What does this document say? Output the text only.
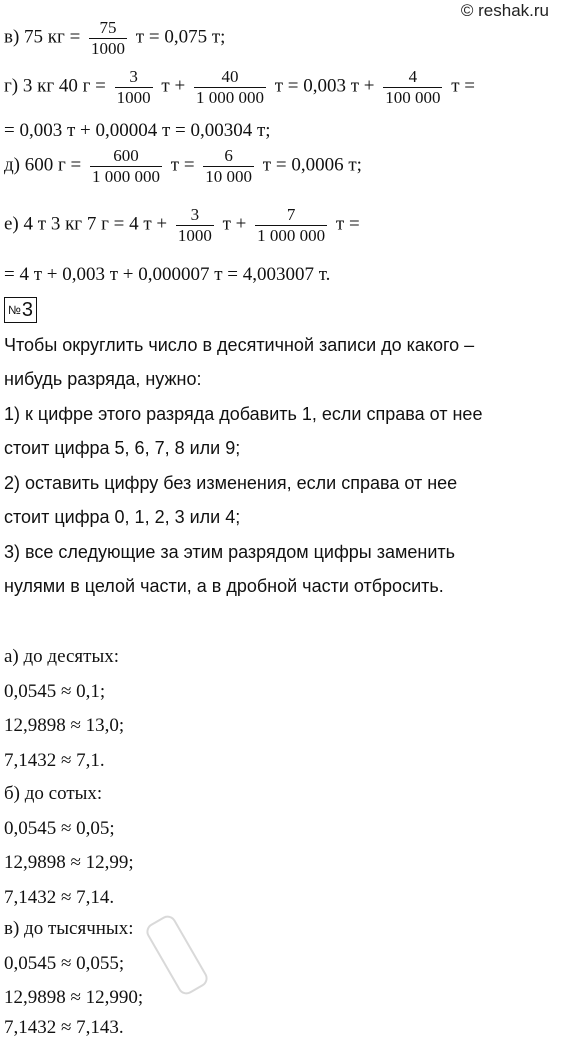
© reshak.ru
в) 75 кг = $\frac{75}{1000}$ т = 0,075 т;
г) 3 кг 40 $г = \frac{3}{1000}$ $т + \frac{40}{1 000 000}$ т = 0,003 $т + \frac{4}{100 000}$ т =
= 0,003 т + 0,00004 т = 0,00304 т;
д) 600 $г = \frac{600}{1 000 000}$ $т = \frac{6}{10 000}$ т = 0,0006 т;
е) 4 т 3 кг 7 г = 4 $т + \frac{3}{1000}$ $т + \frac{7}{1 000 000}$ т =
= 4 т + 0,003 т + 0,000007 т = 4,003007 т.
№3
Чтобы округлить число в десятичной записи до какого –
нибудь разряда, нужно:
1) к цифре этого разряда добавить 1, если справа от нее
стоит цифра 5, 6, 7, 8 или 9;
2) оставить цифру без изменения, если справа от нее
стоит цифра 0, 1, 2, 3 или 4;
3) все следующие за этим разрядом цифры заменить
нулями в целой части, а в дробной части отбросить.
а) до десятых:
0,0545 ≈ 0,1;
12,9898 ≈ 13,0;
7,1432 ≈ 7,1.
б) до сотых:
0,0545 ≈ 0,05;
12,9898 ≈ 12,99;
7,1432 ≈ 7,14.
в) до тысячных:
0,0545 ≈ 0,055;
12,9898 ≈ 12,990;
7,1432 ≈ 7,143.
